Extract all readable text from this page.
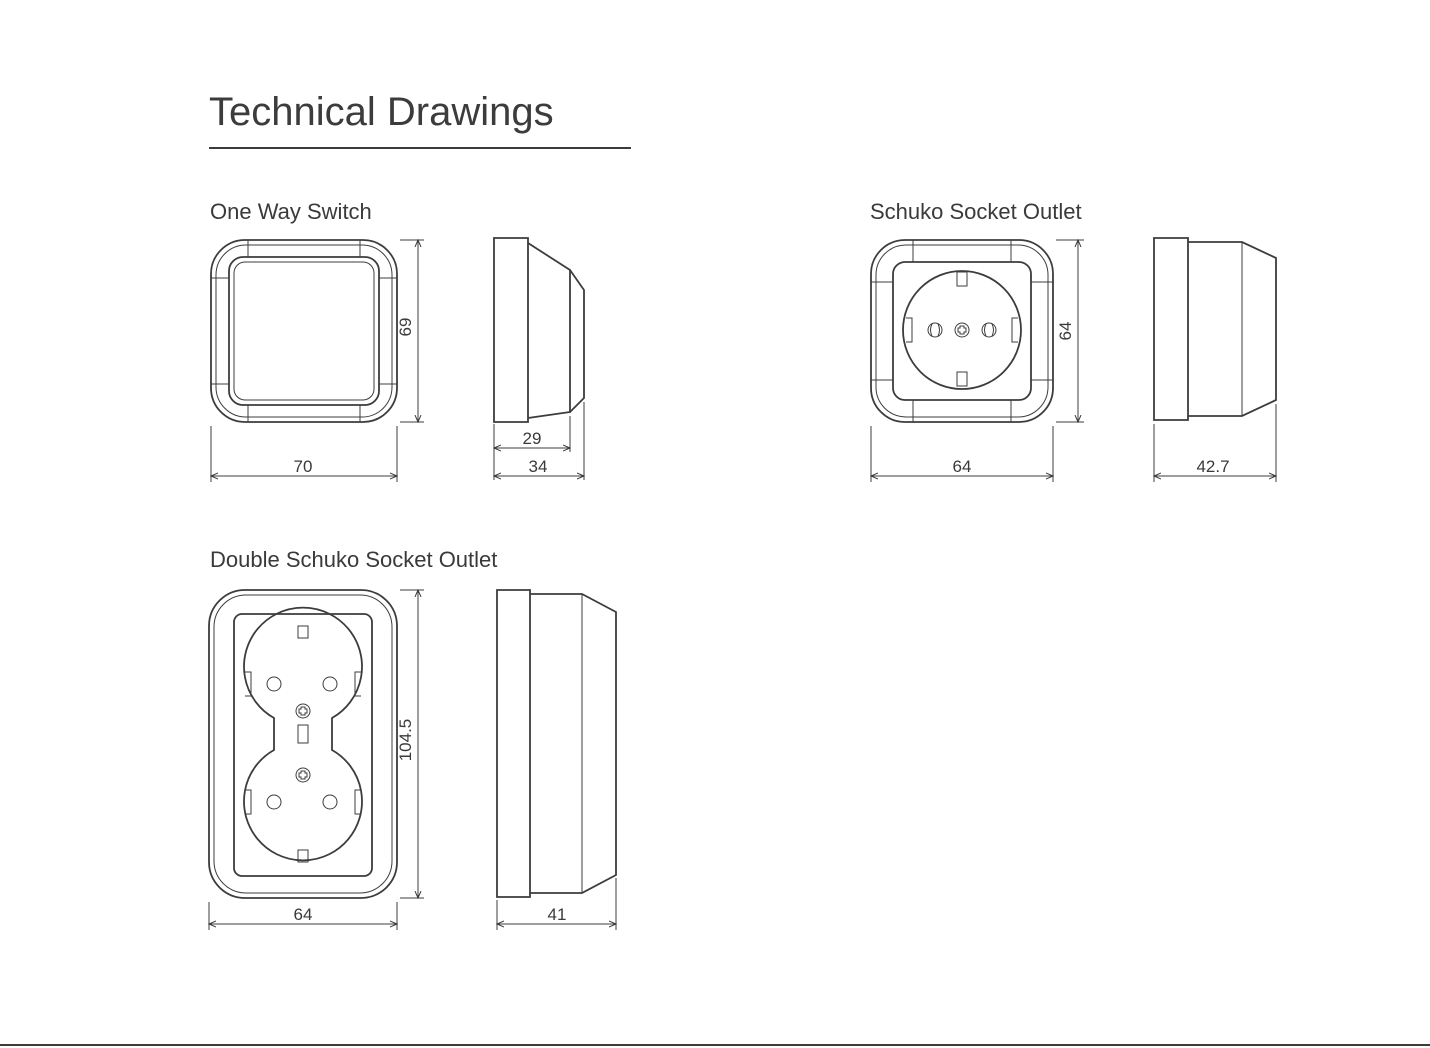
Technical Drawings
One Way Switch	Schuko Socket Outlet
Double Schuko Socket Outlet
70
69
29
34	64
64
42.7
64
104.5
41
